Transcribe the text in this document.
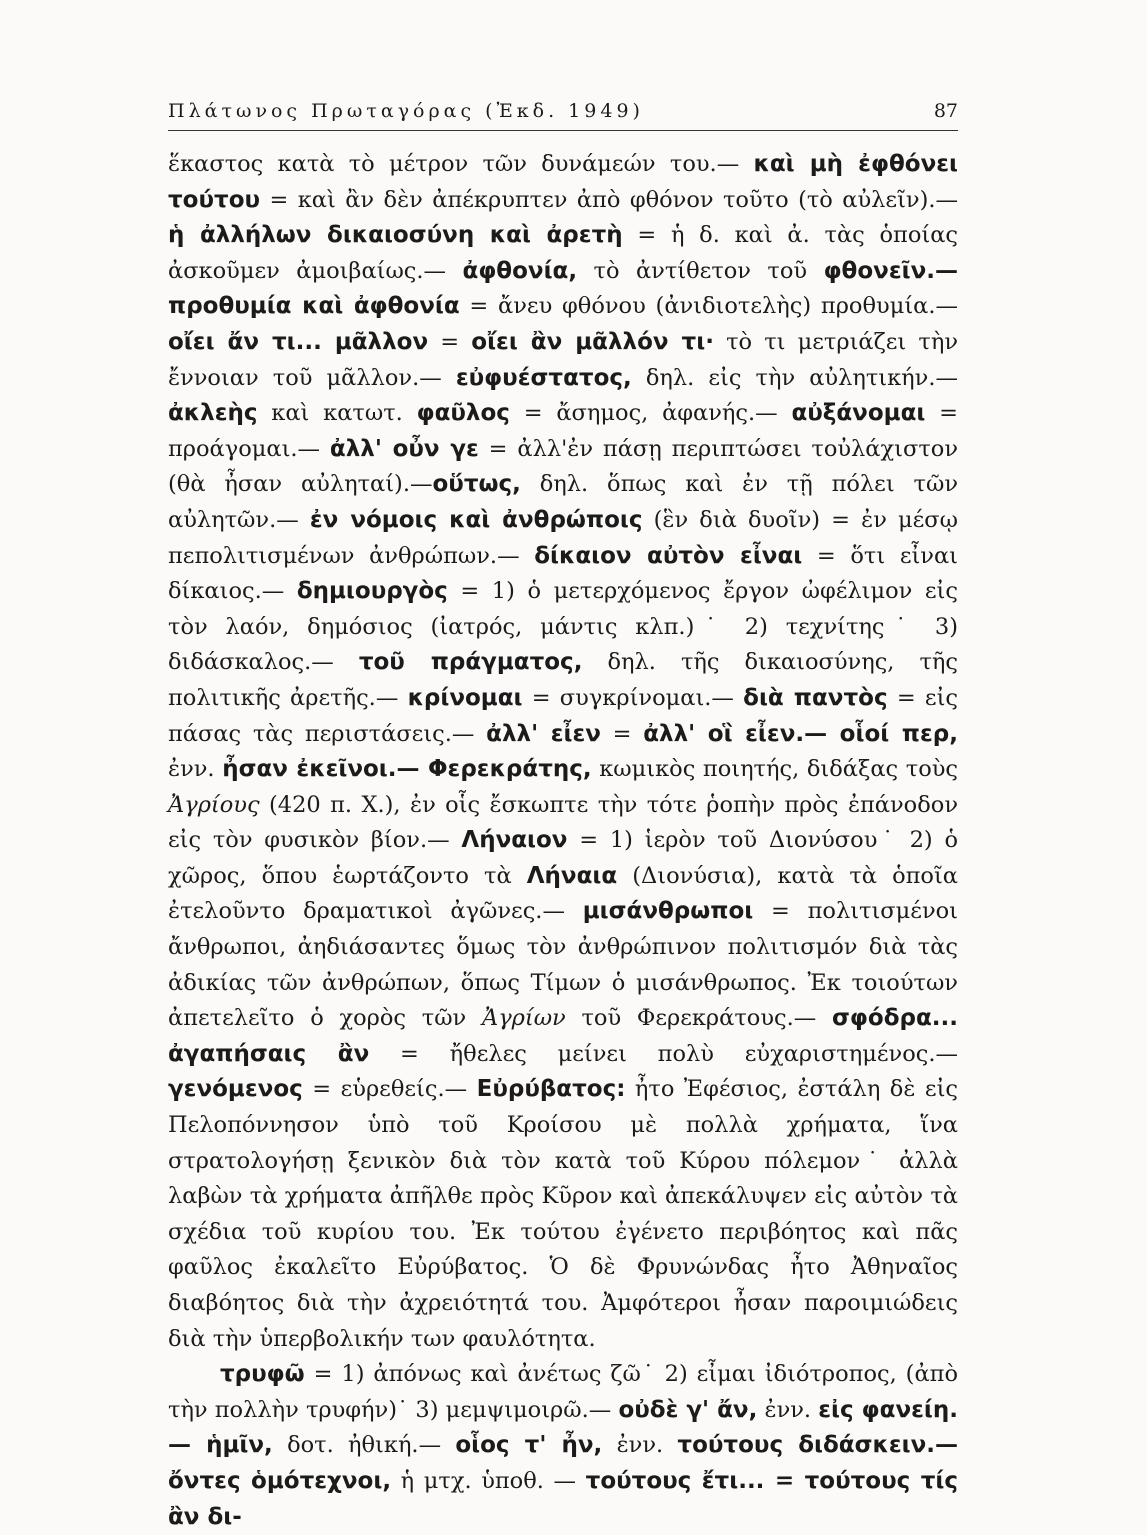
Πλάτωνος Πρωταγόρας (Ἐκδ. 1949)	87

ἕκαστος κατὰ τὸ μέτρον τῶν δυνάμεών του.— καὶ μὴ ἐφθόνει τούτου = καὶ ἂν δὲν ἀπέκρυπτεν ἀπὸ φθόνον τοῦτο (τὸ αὐλεῖν).— ἡ ἀλλήλων δικαιοσύνη καὶ ἀρετὴ = ἡ δ. καὶ ἀ. τὰς ὁποίας ἀσκοῦμεν ἀμοιβαίως.— ἀφθονία, τὸ ἀντίθετον τοῦ φθονεῖν.— προθυμία καὶ ἀφθονία = ἄνευ φθόνου (ἀνιδιοτελὴς) προθυμία.— οἴει ἄν τι... μᾶλλον = οἴει ἂν μᾶλλόν τι· τὸ τι μετριάζει τὴν ἔννοιαν τοῦ μᾶλλον.— εὐφυέστατος, δηλ. εἰς τὴν αὐλητικήν.— ἀκλεὴς καὶ κατωτ. φαῦλος = ἄσημος, ἀφανής.— αὐξάνομαι = προάγομαι.— ἀλλ' οὖν γε = ἀλλ'ἐν πάσῃ περιπτώσει τοὐλάχιστον (θὰ ἦσαν αὐληταί).—οὕτως, δηλ. ὅπως καὶ ἐν τῇ πόλει τῶν αὐλητῶν.— ἐν νόμοις καὶ ἀνθρώποις (ἓν διὰ δυοῖν) = ἐν μέσῳ πεπολιτισμένων ἀνθρώπων.— δίκαιον αὐτὸν εἶναι = ὅτι εἶναι δίκαιος.— δημιουργὸς = 1) ὁ μετερχόμενος ἔργον ὠφέλιμον εἰς τὸν λαόν, δημόσιος (ἰατρός, μάντις κλπ.)˙ 2) τεχνίτης˙ 3) διδάσκαλος.— τοῦ πράγματος, δηλ. τῆς δικαιοσύνης, τῆς πολιτικῆς ἀρετῆς.— κρίνομαι = συγκρίνομαι.— διὰ παντὸς = εἰς πάσας τὰς περιστάσεις.— ἀλλ' εἶεν = ἀλλ' οἳ εἶεν.— οἷοί περ, ἐνν. ἦσαν ἐκεῖνοι.— Φερεκράτης, κωμικὸς ποιητής, διδάξας τοὺς Ἀγρίους (420 π. Χ.), ἐν οἷς ἔσκωπτε τὴν τότε ῥοπὴν πρὸς ἐπάνοδον εἰς τὸν φυσικὸν βίον.— Λήναιον = 1) ἱερὸν τοῦ Διονύσου˙ 2) ὁ χῶρος, ὅπου ἑωρτάζοντο τὰ Λήναια (Διονύσια), κατὰ τὰ ὁποῖα ἐτελοῦντο δραματικοὶ ἀγῶνες.— μισάνθρωποι = πολιτισμένοι ἄνθρωποι, ἀηδιάσαντες ὅμως τὸν ἀνθρώπινον πολιτισμόν διὰ τὰς ἀδικίας τῶν ἀνθρώπων, ὅπως Τίμων ὁ μισάνθρωπος. Ἐκ τοιούτων ἀπετελεῖτο ὁ χορὸς τῶν Ἀγρίων τοῦ Φερεκράτους.— σφόδρα... ἀγαπήσαις ἂν = ἤθελες μείνει πολὺ εὐχαριστημένος.— γενόμενος = εὑρεθείς.— Εὐρύβατος: ἦτο Ἐφέσιος, ἐστάλη δὲ εἰς Πελοπόννησον ὑπὸ τοῦ Κροίσου μὲ πολλὰ χρήματα, ἵνα στρατολογήσῃ ξενικὸν διὰ τὸν κατὰ τοῦ Κύρου πόλεμον˙ ἀλλὰ λαβὼν τὰ χρήματα ἀπῆλθε πρὸς Κῦρον καὶ ἀπεκάλυψεν εἰς αὐτὸν τὰ σχέδια τοῦ κυρίου του. Ἐκ τούτου ἐγένετο περιβόητος καὶ πᾶς φαῦλος ἐκαλεῖτο Εὐρύβατος. Ὁ δὲ Φρυνώνδας ἦτο Ἀθηναῖος διαβόητος διὰ τὴν ἀχρειότητά του. Ἀμφότεροι ἦσαν παροιμιώδεις διὰ τὴν ὑπερβολικήν των φαυλότητα.

τρυφῶ = 1) ἀπόνως καὶ ἀνέτως ζῶ˙ 2) εἶμαι ἰδιότροπος, (ἀπὸ τὴν πολλὴν τρυφήν)˙ 3) μεμψιμοιρῶ.— οὐδὲ γ' ἄν, ἐνν. εἰς φανείη.— ἡμῖν, δοτ. ἠθική.— οἷος τ' ἦν, ἐνν. τούτους διδάσκειν.— ὄντες ὁμότεχνοι, ἡ μτχ. ὑποθ. — τούτους ἔτι... = τούτους τίς ἂν δι-
